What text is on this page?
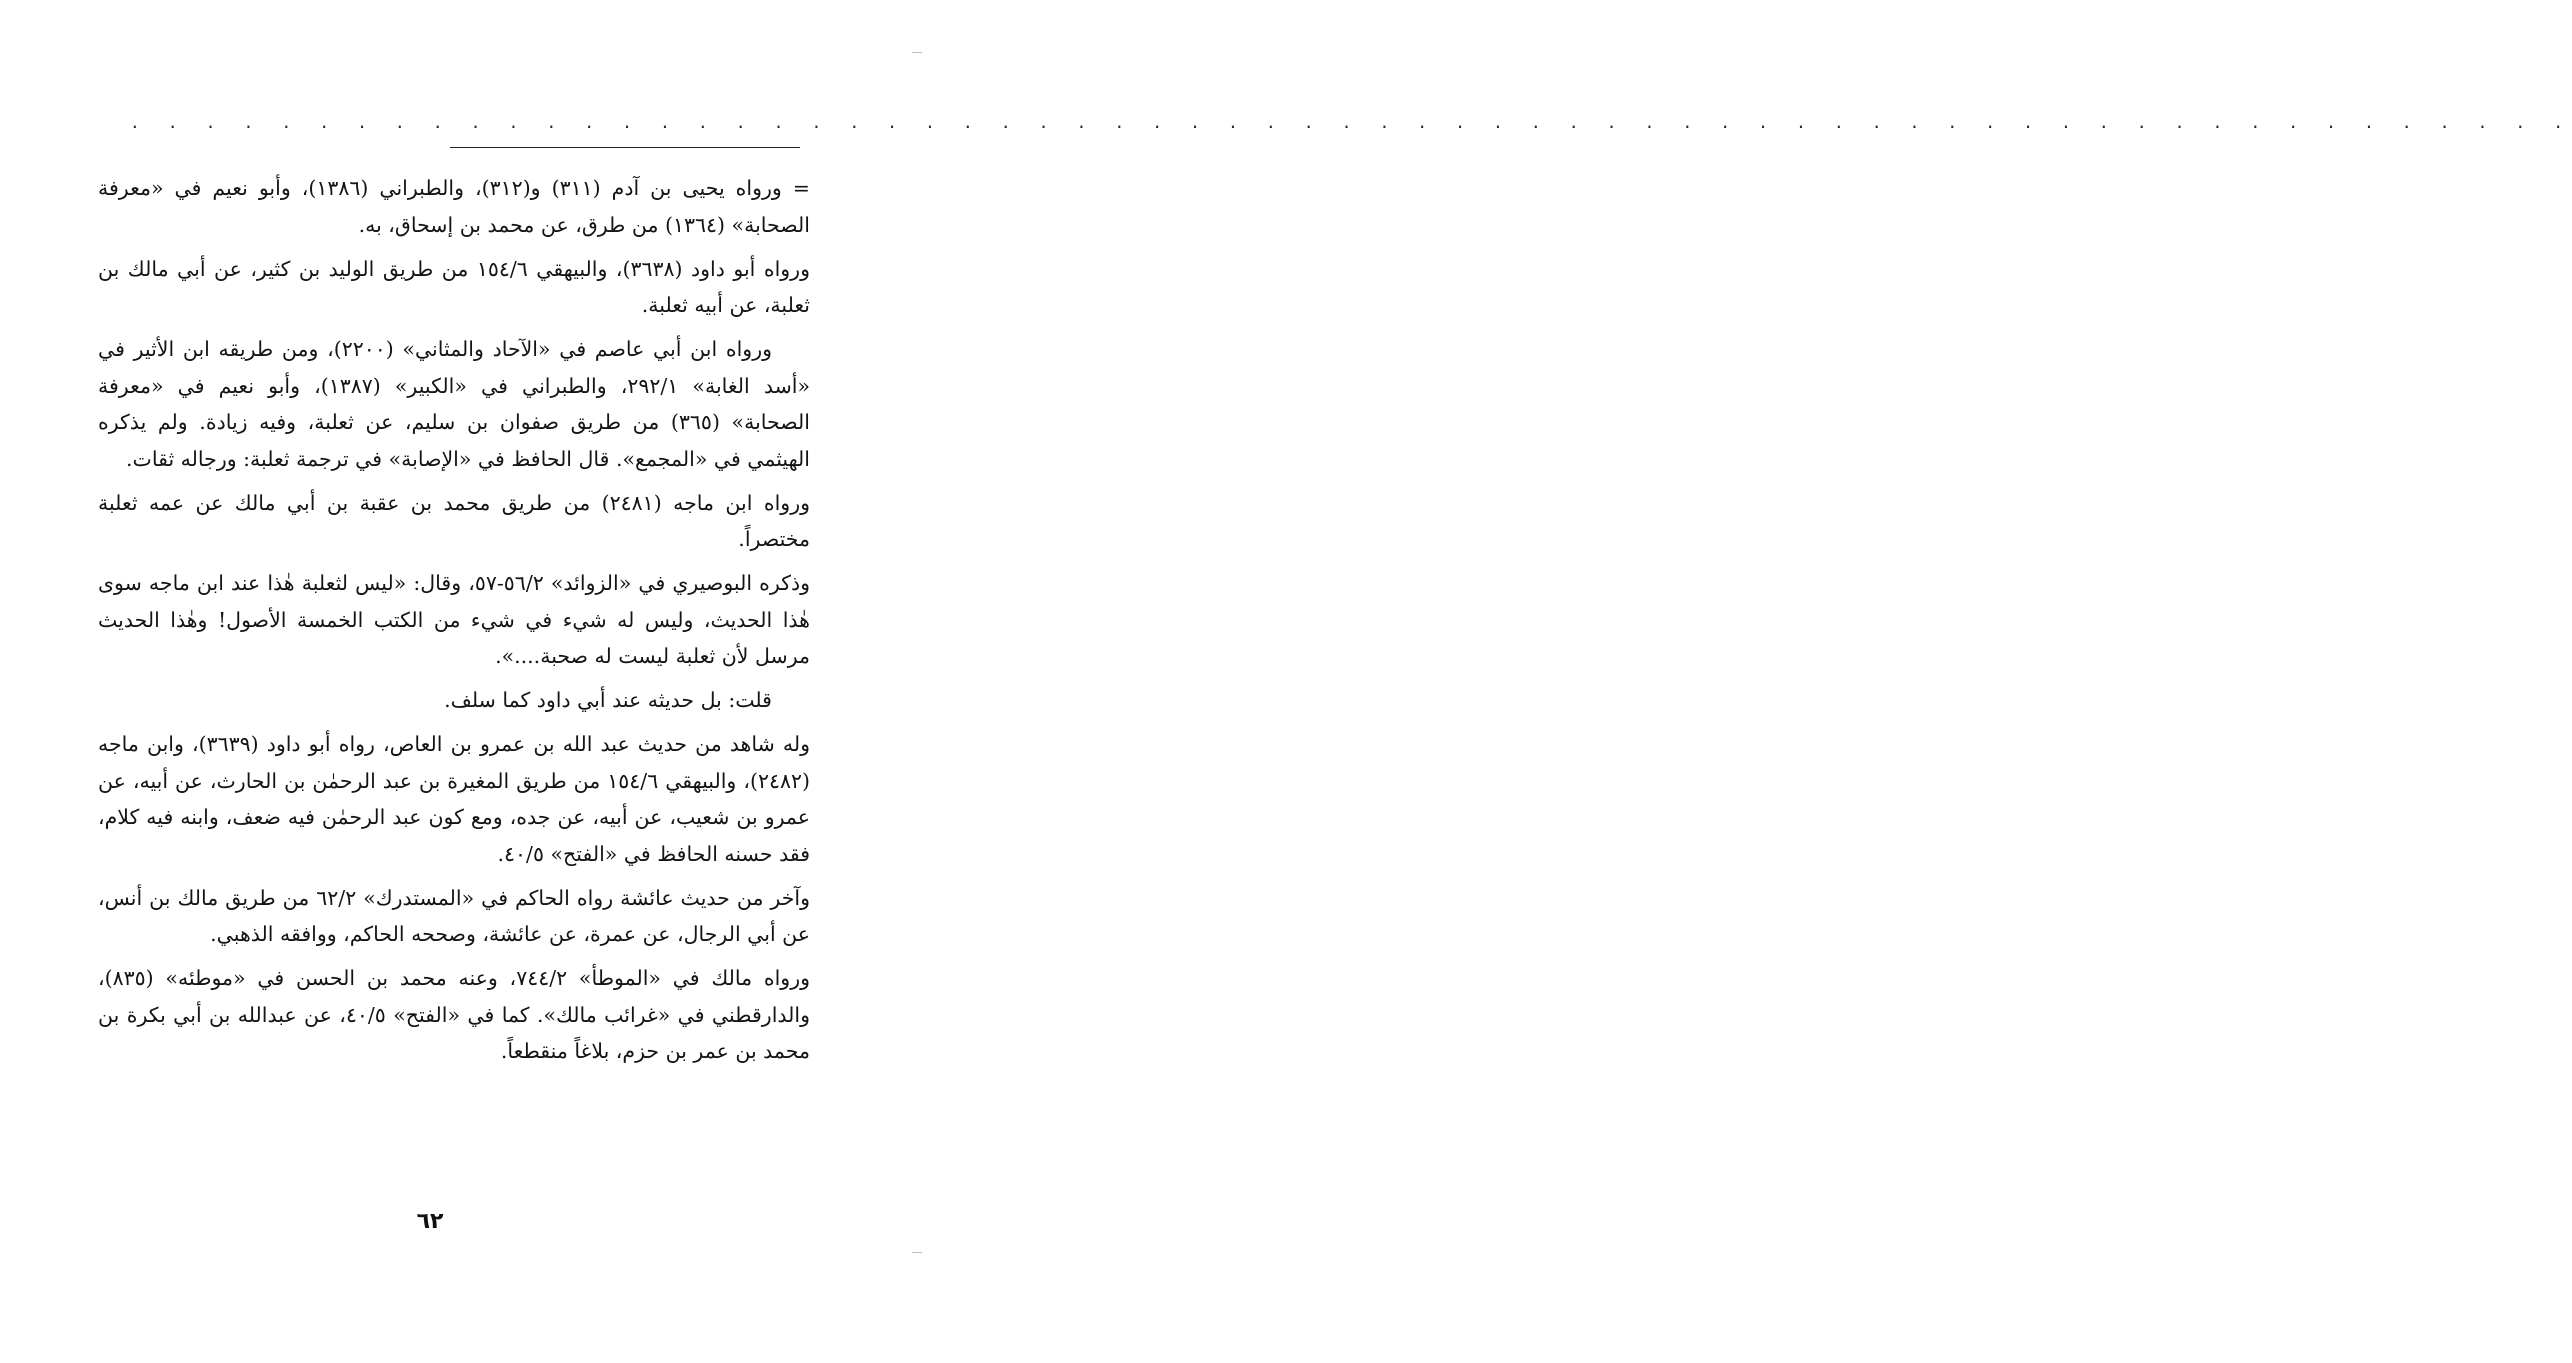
. . . . . . . . . . . . . . . . . . . . . . . . . . . . . . . . . . . . . . . . . . . . . . . . . . . . . . . . . . . . . . . . .

= ورواه يحيى بن آدم (٣١١) و(٣١٢)، والطبراني (١٣٨٦)، وأبو نعيم في «معرفة الصحابة» (١٣٦٤) من طرق، عن محمد بن إسحاق، به.

ورواه أبو داود (٣٦٣٨)، والبيهقي ١٥٤/٦ من طريق الوليد بن كثير، عن أبي مالك بن ثعلبة، عن أبيه ثعلبة.

ورواه ابن أبي عاصم في «الآحاد والمثاني» (٢٢٠٠)، ومن طريقه ابن الأثير في «أسد الغابة» ٢٩٢/١، والطبراني في «الكبير» (١٣٨٧)، وأبو نعيم في «معرفة الصحابة» (٣٦٥) من طريق صفوان بن سليم، عن ثعلبة، وفيه زيادة. ولم يذكره الهيثمي في «المجمع». قال الحافظ في «الإصابة» في ترجمة ثعلبة: ورجاله ثقات.

ورواه ابن ماجه (٢٤٨١) من طريق محمد بن عقبة بن أبي مالك عن عمه ثعلبة مختصراً.

وذكره البوصيري في «الزوائد» ٥٦/٢-٥٧، وقال: «ليس لثعلبة هٰذا عند ابن ماجه سوى هٰذا الحديث، وليس له شيء في شيء من الكتب الخمسة الأصول! وهٰذا الحديث مرسل لأن ثعلبة ليست له صحبة....».

قلت: بل حديثه عند أبي داود كما سلف.

وله شاهد من حديث عبد الله بن عمرو بن العاص، رواه أبو داود (٣٦٣٩)، وابن ماجه (٢٤٨٢)، والبيهقي ١٥٤/٦ من طريق المغيرة بن عبد الرحمٰن بن الحارث، عن أبيه، عن عمرو بن شعيب، عن أبيه، عن جده، ومع كون عبد الرحمٰن فيه ضعف، وابنه فيه كلام، فقد حسنه الحافظ في «الفتح» ٤٠/٥.

وآخر من حديث عائشة رواه الحاكم في «المستدرك» ٦٢/٢ من طريق مالك بن أنس، عن أبي الرجال، عن عمرة، عن عائشة، وصححه الحاكم، ووافقه الذهبي.

ورواه مالك في «الموطأ» ٧٤٤/٢، وعنه محمد بن الحسن في «موطئه» (٨٣٥)، والدارقطني في «غرائب مالك». كما في «الفتح» ٤٠/٥، عن عبدالله بن أبي بكرة بن محمد بن عمر بن حزم، بلاغاً منقطعاً.

٦٢
